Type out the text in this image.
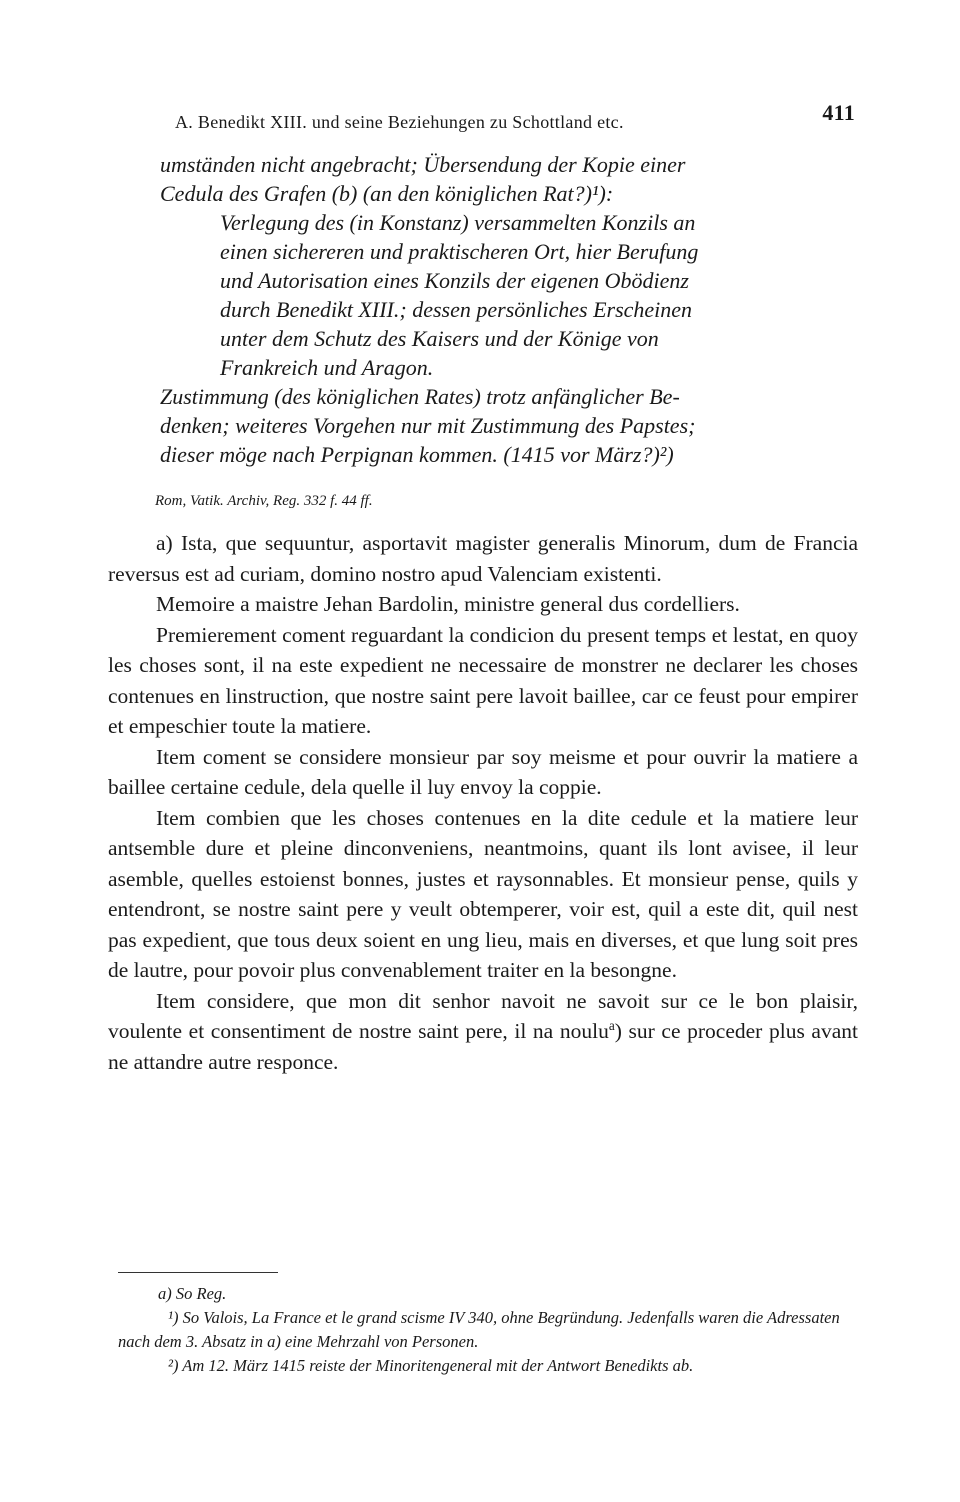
A. Benedikt XIII. und seine Beziehungen zu Schottland etc.	411

umständen nicht angebracht; Übersendung der Kopie einer

Cedula des Grafen (b) (an den königlichen Rat?)¹):

Verlegung des (in Konstanz) versammelten Konzils an

einen sichereren und praktischeren Ort, hier Berufung

und Autorisation eines Konzils der eigenen Obödienz

durch Benedikt XIII.; dessen persönliches Erscheinen

unter dem Schutz des Kaisers und der Könige von

Frankreich und Aragon.

Zustimmung (des königlichen Rates) trotz anfänglicher Be-

denken; weiteres Vorgehen nur mit Zustimmung des Papstes;

dieser möge nach Perpignan kommen. (1415 vor März?)²)

Rom, Vatik. Archiv, Reg. 332 f. 44 ff.

a) Ista, que sequuntur, asportavit magister generalis Minorum, dum de Francia reversus est ad curiam, domino nostro apud Valenciam existenti.

Memoire a maistre Jehan Bardolin, ministre general dus cordelliers.

Premierement coment reguardant la condicion du present temps et lestat, en quoy les choses sont, il na este expedient ne necessaire de monstrer ne declarer les choses contenues en linstruction, que nostre saint pere lavoit baillee, car ce feust pour empirer et empeschier toute la matiere.

Item coment se considere monsieur par soy meisme et pour ouvrir la matiere a baillee certaine cedule, dela quelle il luy envoy la coppie.

Item combien que les choses contenues en la dite cedule et la matiere leur antsemble dure et pleine dinconveniens, neantmoins, quant ils lont avisee, il leur asemble, quelles estoienst bonnes, justes et raysonnables. Et monsieur pense, quils y entendront, se nostre saint pere y veult obtemperer, voir est, quil a este dit, quil nest pas expedient, que tous deux soient en ung lieu, mais en diverses, et que lung soit pres de lautre, pour povoir plus convenablement traiter en la besongne.

Item considere, que mon dit senhor navoit ne savoit sur ce le bon plaisir, voulente et consentiment de nostre saint pere, il na noulu$^a$) sur ce proceder plus avant ne attandre autre responce.

a) So Reg.

¹) So Valois, La France et le grand scisme IV 340, ohne Begründung. Jedenfalls waren die Adressaten nach dem 3. Absatz in a) eine Mehrzahl von Personen.

²) Am 12. März 1415 reiste der Minoritengeneral mit der Antwort Benedikts ab.
